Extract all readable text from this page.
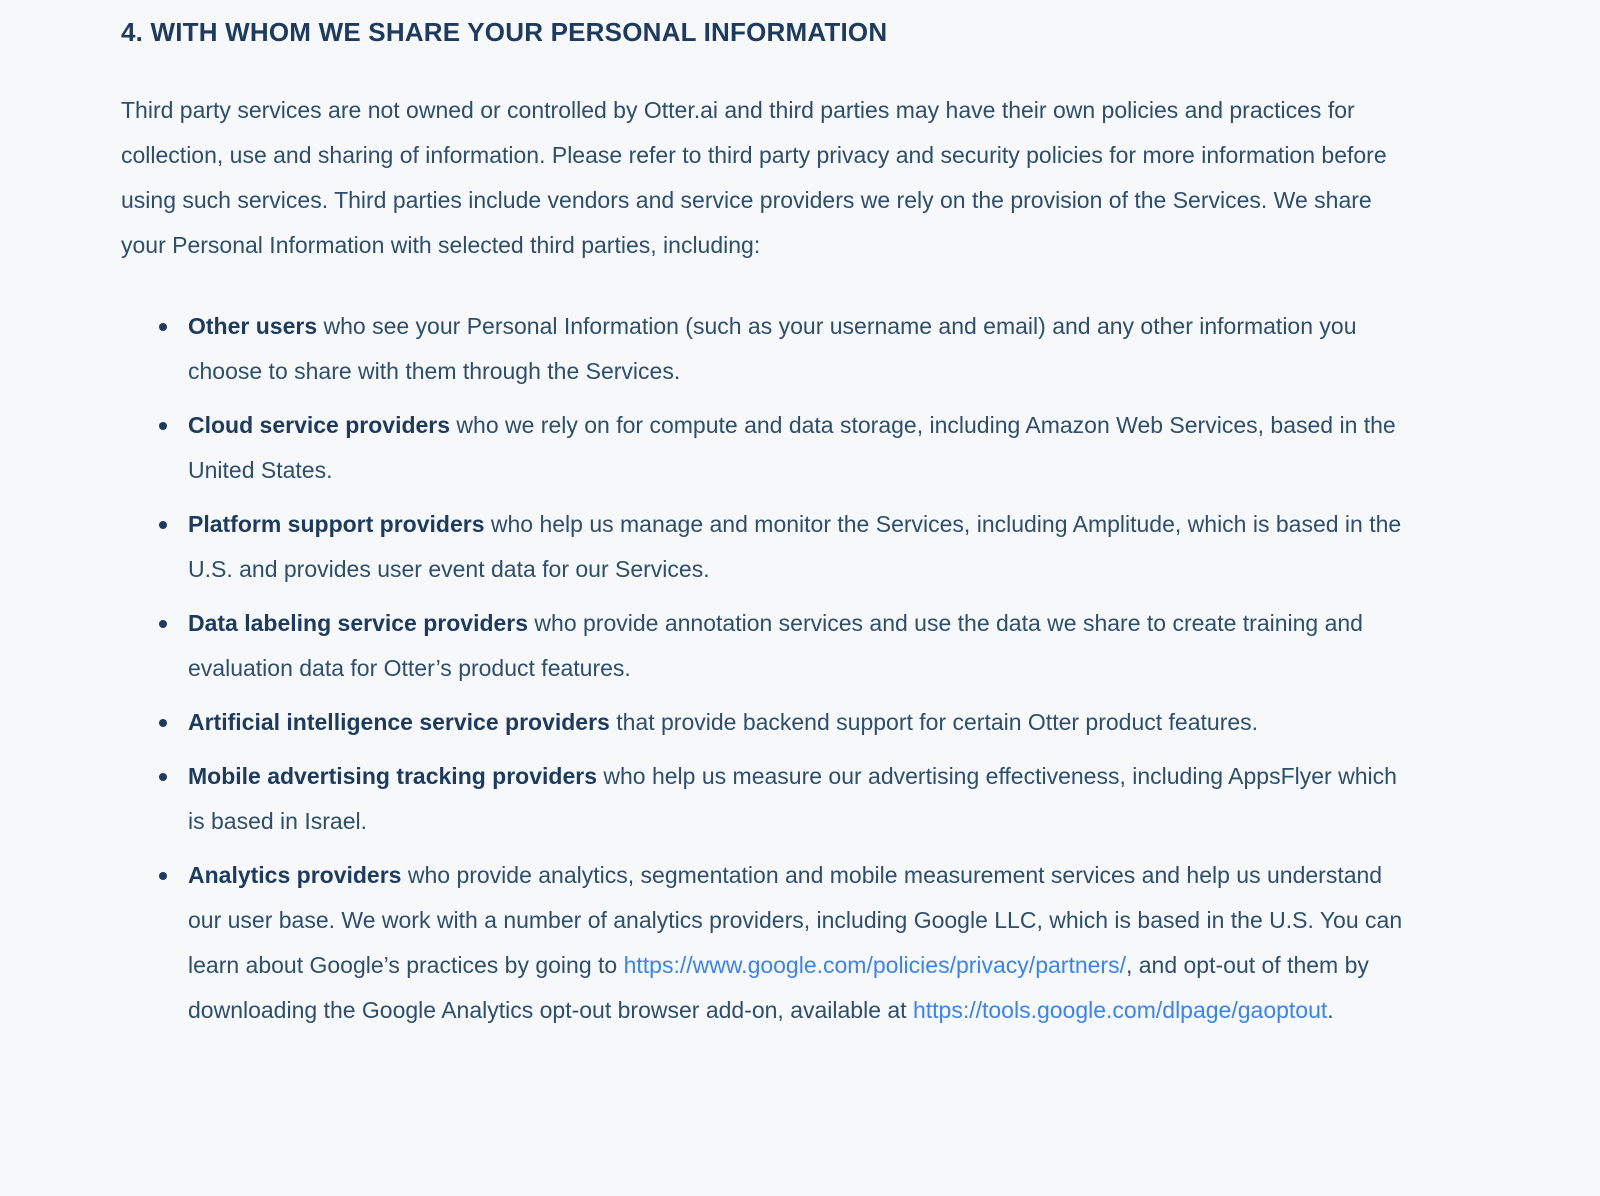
4. WITH WHOM WE SHARE YOUR PERSONAL INFORMATION

Third party services are not owned or controlled by Otter.ai and third parties may have their own policies and practices for collection, use and sharing of information. Please refer to third party privacy and security policies for more information before using such services. Third parties include vendors and service providers we rely on the provision of the Services. We share your Personal Information with selected third parties, including:

Other users who see your Personal Information (such as your username and email) and any other information you choose to share with them through the Services.
Cloud service providers who we rely on for compute and data storage, including Amazon Web Services, based in the United States.
Platform support providers who help us manage and monitor the Services, including Amplitude, which is based in the U.S. and provides user event data for our Services.
Data labeling service providers who provide annotation services and use the data we share to create training and evaluation data for Otter’s product features.
Artificial intelligence service providers that provide backend support for certain Otter product features.
Mobile advertising tracking providers who help us measure our advertising effectiveness, including AppsFlyer which is based in Israel.
Analytics providers who provide analytics, segmentation and mobile measurement services and help us understand our user base. We work with a number of analytics providers, including Google LLC, which is based in the U.S. You can learn about Google’s practices by going to https://www.google.com/policies/privacy/partners/, and opt-out of them by downloading the Google Analytics opt-out browser add-on, available at https://tools.google.com/dlpage/gaoptout.
